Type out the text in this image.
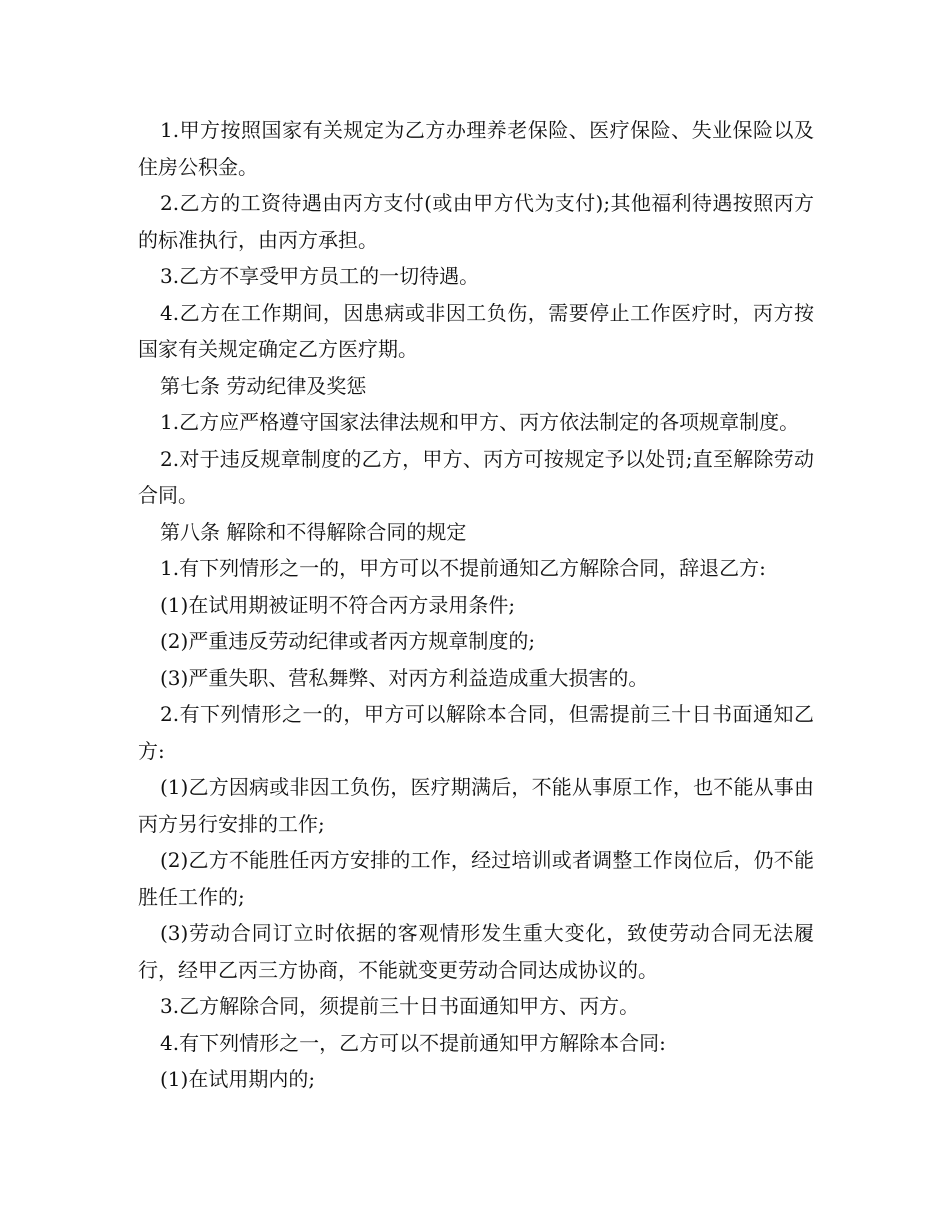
1.甲方按照国家有关规定为乙方办理养老保险、医疗保险、失业保险以及住房公积金。

2.乙方的工资待遇由丙方支付(或由甲方代为支付);其他福利待遇按照丙方的标准执行，由丙方承担。

3.乙方不享受甲方员工的一切待遇。

4.乙方在工作期间，因患病或非因工负伤，需要停止工作医疗时，丙方按国家有关规定确定乙方医疗期。

第七条 劳动纪律及奖惩

1.乙方应严格遵守国家法律法规和甲方、丙方依法制定的各项规章制度。

2.对于违反规章制度的乙方，甲方、丙方可按规定予以处罚;直至解除劳动合同。

第八条 解除和不得解除合同的规定

1.有下列情形之一的，甲方可以不提前通知乙方解除合同，辞退乙方:

(1)在试用期被证明不符合丙方录用条件;

(2)严重违反劳动纪律或者丙方规章制度的;

(3)严重失职、营私舞弊、对丙方利益造成重大损害的。

2.有下列情形之一的，甲方可以解除本合同，但需提前三十日书面通知乙方:

(1)乙方因病或非因工负伤，医疗期满后，不能从事原工作，也不能从事由丙方另行安排的工作;

(2)乙方不能胜任丙方安排的工作，经过培训或者调整工作岗位后，仍不能胜任工作的;

(3)劳动合同订立时依据的客观情形发生重大变化，致使劳动合同无法履行，经甲乙丙三方协商，不能就变更劳动合同达成协议的。

3.乙方解除合同，须提前三十日书面通知甲方、丙方。

4.有下列情形之一，乙方可以不提前通知甲方解除本合同:

(1)在试用期内的;
